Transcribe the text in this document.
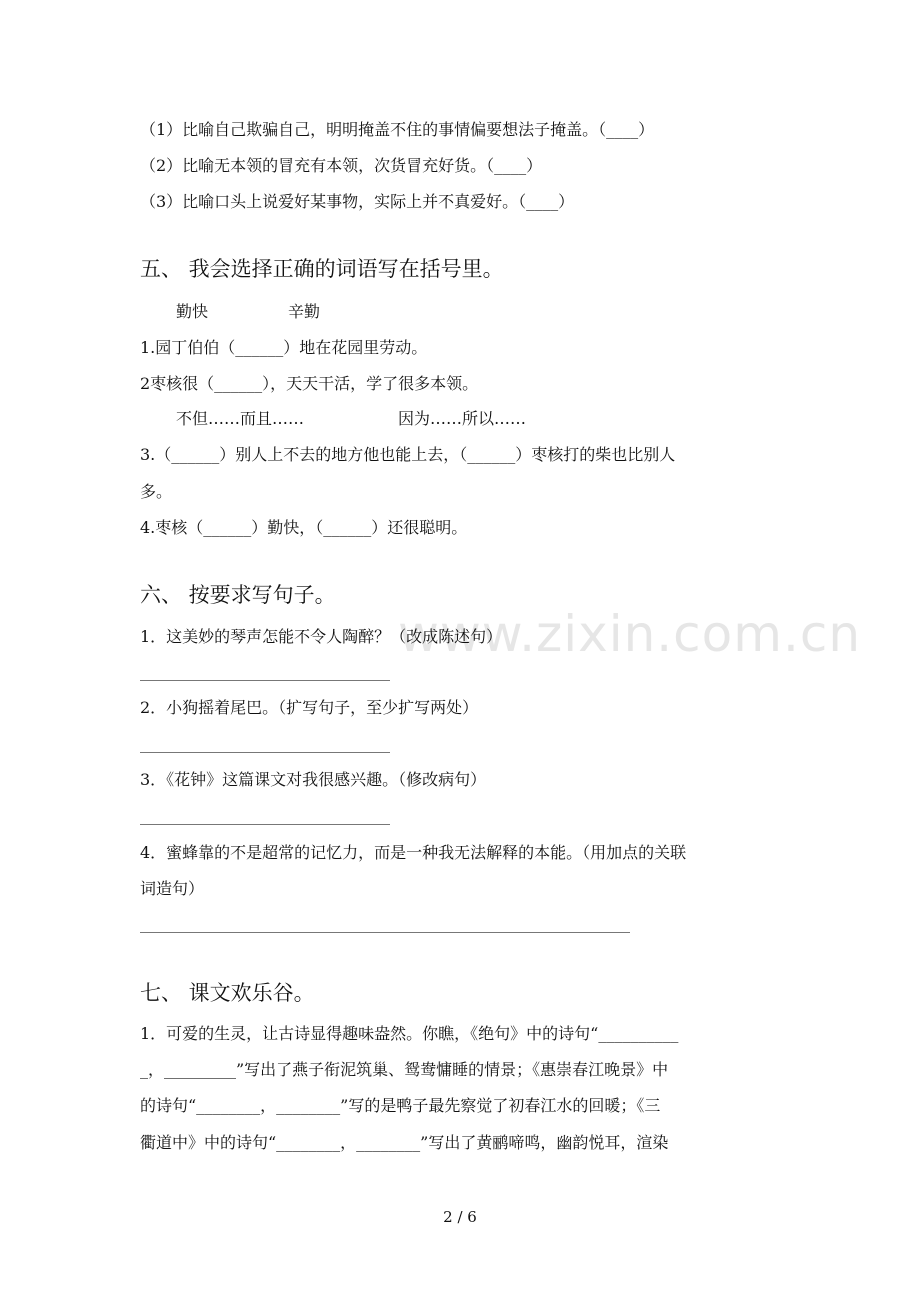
www.zixin.com.cn
（1）比喻自己欺骗自己，明明掩盖不住的事情偏要想法子掩盖。（____）
（2）比喻无本领的冒充有本领，次货冒充好货。（____）
（3）比喻口头上说爱好某事物，实际上并不真爱好。（____）
五、 我会选择正确的词语写在括号里。
勤快	辛勤
1.园丁伯伯（______）地在花园里劳动。
2枣核很（______），天天干活，学了很多本领。
不但……而且……	因为……所以……
3.（______）别人上不去的地方他也能上去，（______）枣核打的柴也比别人
多。
4.枣核（______）勤快，（______）还很聪明。
六、 按要求写句子。
1．这美妙的琴声怎能不令人陶醉？（改成陈述句）
2．小狗摇着尾巴。（扩写句子，至少扩写两处）
3．《花钟》这篇课文对我很感兴趣。（修改病句）
4．蜜蜂靠的不是超常的记忆力，而是一种我无法解释的本能。（用加点的关联
词造句）
七、 课文欢乐谷。
1．可爱的生灵，让古诗显得趣味盎然。你瞧，《绝句》中的诗句“__________
_，_________”写出了燕子衔泥筑巢、鸳鸯慵睡的情景；《惠崇春江晚景》中
的诗句“________，________”写的是鸭子最先察觉了初春江水的回暖；《三
衢道中》中的诗句“________，________”写出了黄鹂啼鸣，幽韵悦耳，渲染
2 / 6
